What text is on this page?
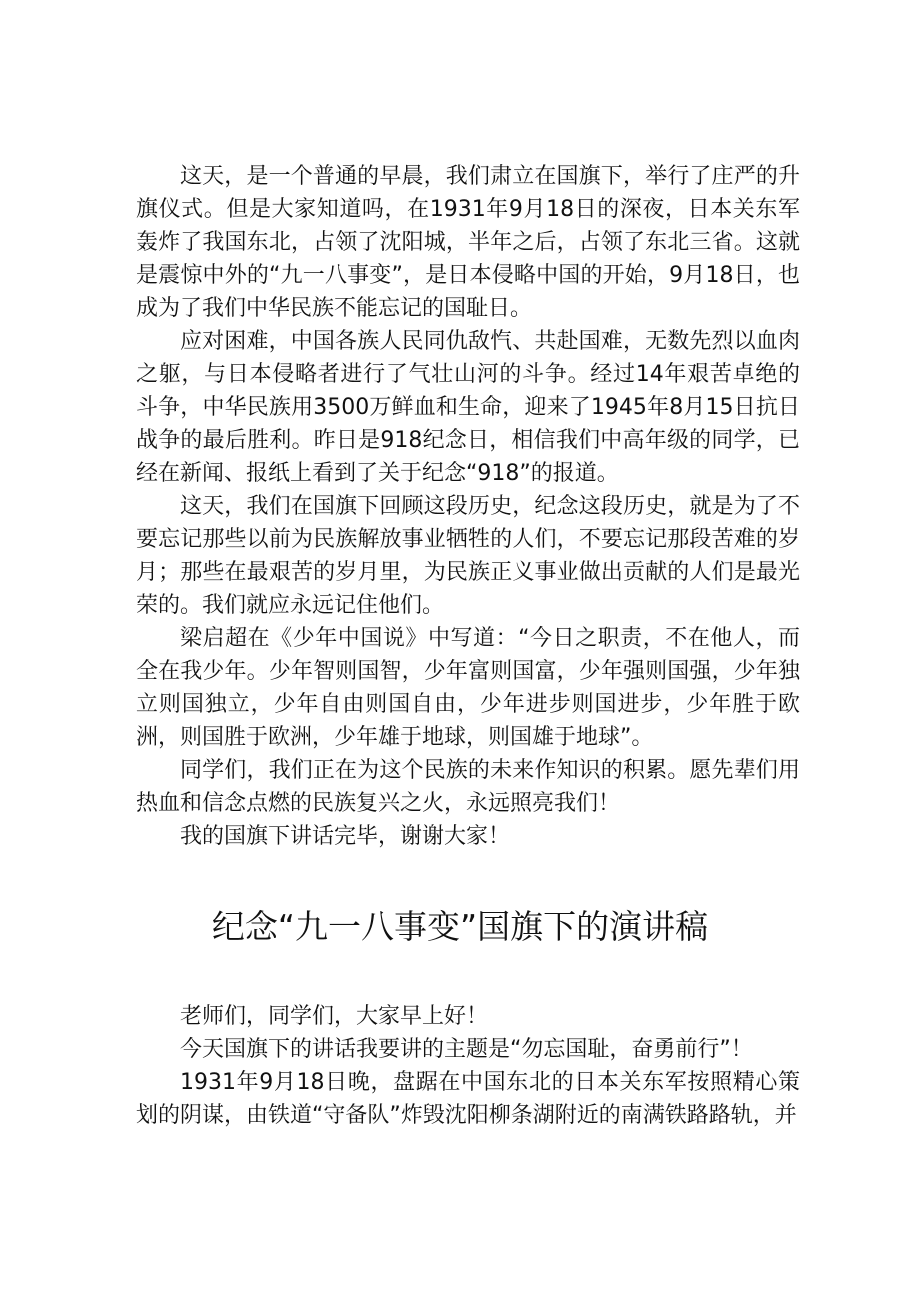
这天，是一个普通的早晨，我们肃立在国旗下，举行了庄严的升旗仪式。但是大家知道吗，在1931年9月18日的深夜，日本关东军轰炸了我国东北，占领了沈阳城，半年之后，占领了东北三省。这就是震惊中外的“九一八事变”，是日本侵略中国的开始，9月18日，也成为了我们中华民族不能忘记的国耻日。

应对困难，中国各族人民同仇敌忾、共赴国难，无数先烈以血肉之躯，与日本侵略者进行了气壮山河的斗争。经过14年艰苦卓绝的斗争，中华民族用3500万鲜血和生命，迎来了1945年8月15日抗日战争的最后胜利。昨日是918纪念日，相信我们中高年级的同学，已经在新闻、报纸上看到了关于纪念“918”的报道。

这天，我们在国旗下回顾这段历史，纪念这段历史，就是为了不要忘记那些以前为民族解放事业牺牲的人们，不要忘记那段苦难的岁月；那些在最艰苦的岁月里，为民族正义事业做出贡献的人们是最光荣的。我们就应永远记住他们。

梁启超在《少年中国说》中写道：“今日之职责，不在他人，而全在我少年。少年智则国智，少年富则国富，少年强则国强，少年独立则国独立，少年自由则国自由，少年进步则国进步，少年胜于欧洲，则国胜于欧洲，少年雄于地球，则国雄于地球”。

同学们，我们正在为这个民族的未来作知识的积累。愿先辈们用热血和信念点燃的民族复兴之火，永远照亮我们！

我的国旗下讲话完毕，谢谢大家！

纪念“九一八事变”国旗下的演讲稿

老师们，同学们，大家早上好！

今天国旗下的讲话我要讲的主题是“勿忘国耻，奋勇前行”！

1931年9月18日晚，盘踞在中国东北的日本关东军按照精心策划的阴谋，由铁道“守备队”炸毁沈阳柳条湖附近的南满铁路路轨，并
